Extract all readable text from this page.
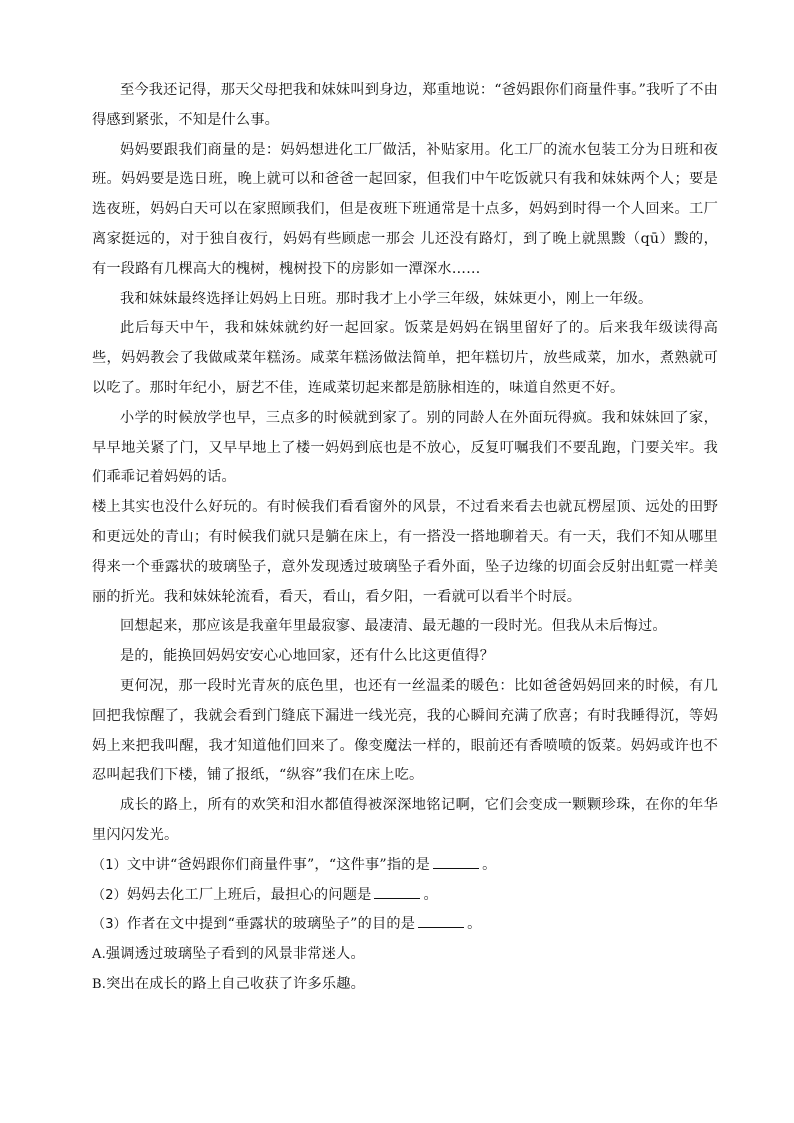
至今我还记得，那天父母把我和妹妹叫到身边，郑重地说：“爸妈跟你们商量件事。”我听了不由得感到紧张，不知是什么事。

妈妈要跟我们商量的是：妈妈想进化工厂做活，补贴家用。化工厂的流水包装工分为日班和夜班。妈妈要是选日班，晚上就可以和爸爸一起回家，但我们中午吃饭就只有我和妹妹两个人；要是选夜班，妈妈白天可以在家照顾我们，但是夜班下班通常是十点多，妈妈到时得一个人回来。工厂离家挺远的，对于独自夜行，妈妈有些顾虑一那会 儿还没有路灯，到了晚上就黑黢（qū）黢的，有一段路有几棵高大的槐树，槐树投下的房影如一潭深水……

我和妹妹最终选择让妈妈上日班。那时我才上小学三年级，妹妹更小，刚上一年级。

此后每天中午，我和妹妹就约好一起回家。饭菜是妈妈在锅里留好了的。后来我年级读得高些，妈妈教会了我做咸菜年糕汤。咸菜年糕汤做法简单，把年糕切片，放些咸菜，加水，煮熟就可以吃了。那时年纪小，厨艺不佳，连咸菜切起来都是筋脉相连的，味道自然更不好。

小学的时候放学也早，三点多的时候就到家了。别的同龄人在外面玩得疯。我和妹妹回了家，早早地关紧了门，又早早地上了楼一妈妈到底也是不放心，反复叮嘱我们不要乱跑，门要关牢。我们乖乖记着妈妈的话。

楼上其实也没什么好玩的。有时候我们看看窗外的风景，不过看来看去也就瓦楞屋顶、远处的田野和更远处的青山；有时候我们就只是躺在床上，有一搭没一搭地聊着天。有一天，我们不知从哪里得来一个垂露状的玻璃坠子，意外发现透过玻璃坠子看外面，坠子边缘的切面会反射出虹霓一样美丽的折光。我和妹妹轮流看，看天，看山，看夕阳，一看就可以看半个时辰。

回想起来，那应该是我童年里最寂寥、最凄清、最无趣的一段时光。但我从未后悔过。

是的，能换回妈妈安安心心地回家，还有什么比这更值得？

更何况，那一段时光青灰的底色里，也还有一丝温柔的暖色：比如爸爸妈妈回来的时候，有几回把我惊醒了，我就会看到门缝底下漏进一线光亮，我的心瞬间充满了欣喜；有时我睡得沉，等妈妈上来把我叫醒，我才知道他们回来了。像变魔法一样的，眼前还有香喷喷的饭菜。妈妈或许也不忍叫起我们下楼，铺了报纸，“纵容”我们在床上吃。

成长的路上，所有的欢笑和泪水都值得被深深地铭记啊，它们会变成一颗颗珍珠，在你的年华里闪闪发光。

（1）文中讲“爸妈跟你们商量件事”，“这件事”指的是	。

（2）妈妈去化工厂上班后，最担心的问题是	。

（3）作者在文中提到“垂露状的玻璃坠子”的目的是	。

A.强调透过玻璃坠子看到的风景非常迷人。

B.突出在成长的路上自己收获了许多乐趣。
